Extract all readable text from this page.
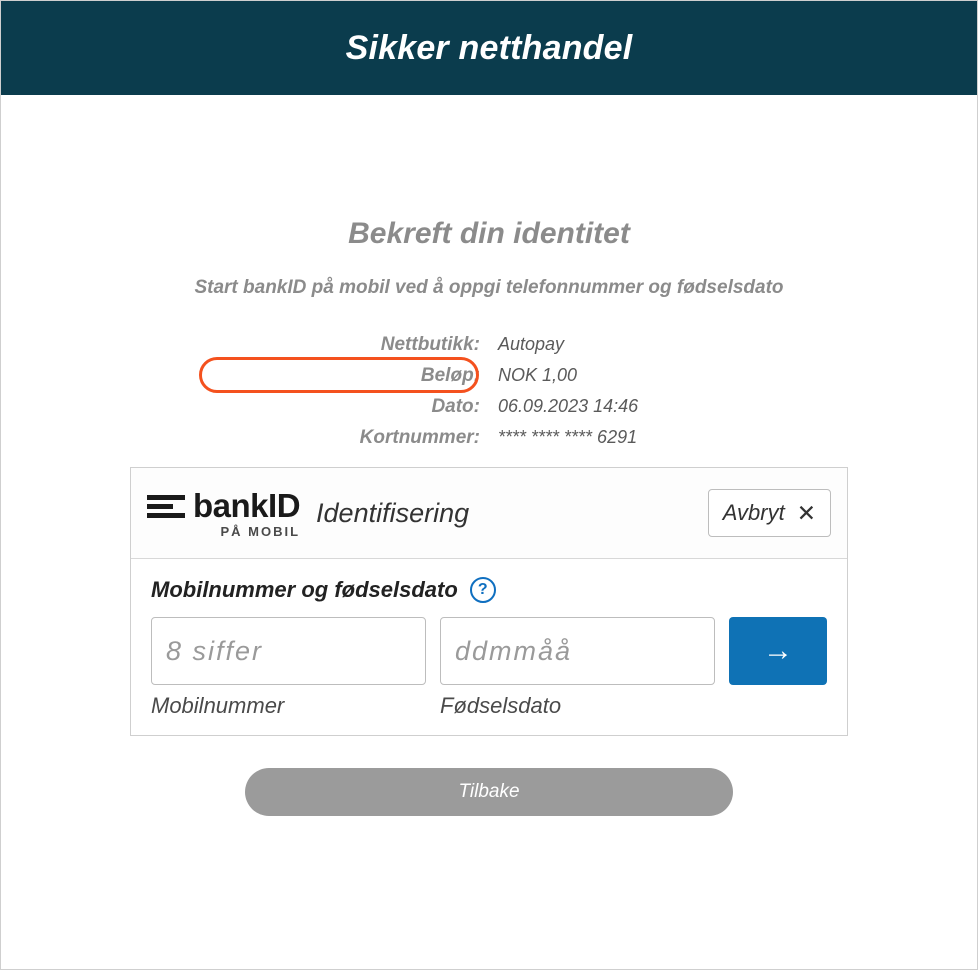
Sikker netthandel
Bekreft din identitet
Start bankID på mobil ved å oppgi telefonnummer og fødselsdato
Nettbutikk:	Autopay
Beløp:	NOK 1,00
Dato:	06.09.2023 14:46
Kortnummer:	**** **** **** 6291
bankID
PÅ MOBIL
Identifisering	Avbryt ✕
Mobilnummer og fødselsdato	?
8 siffer
ddmmåå
→
Mobilnummer	Fødselsdato
Tilbake
